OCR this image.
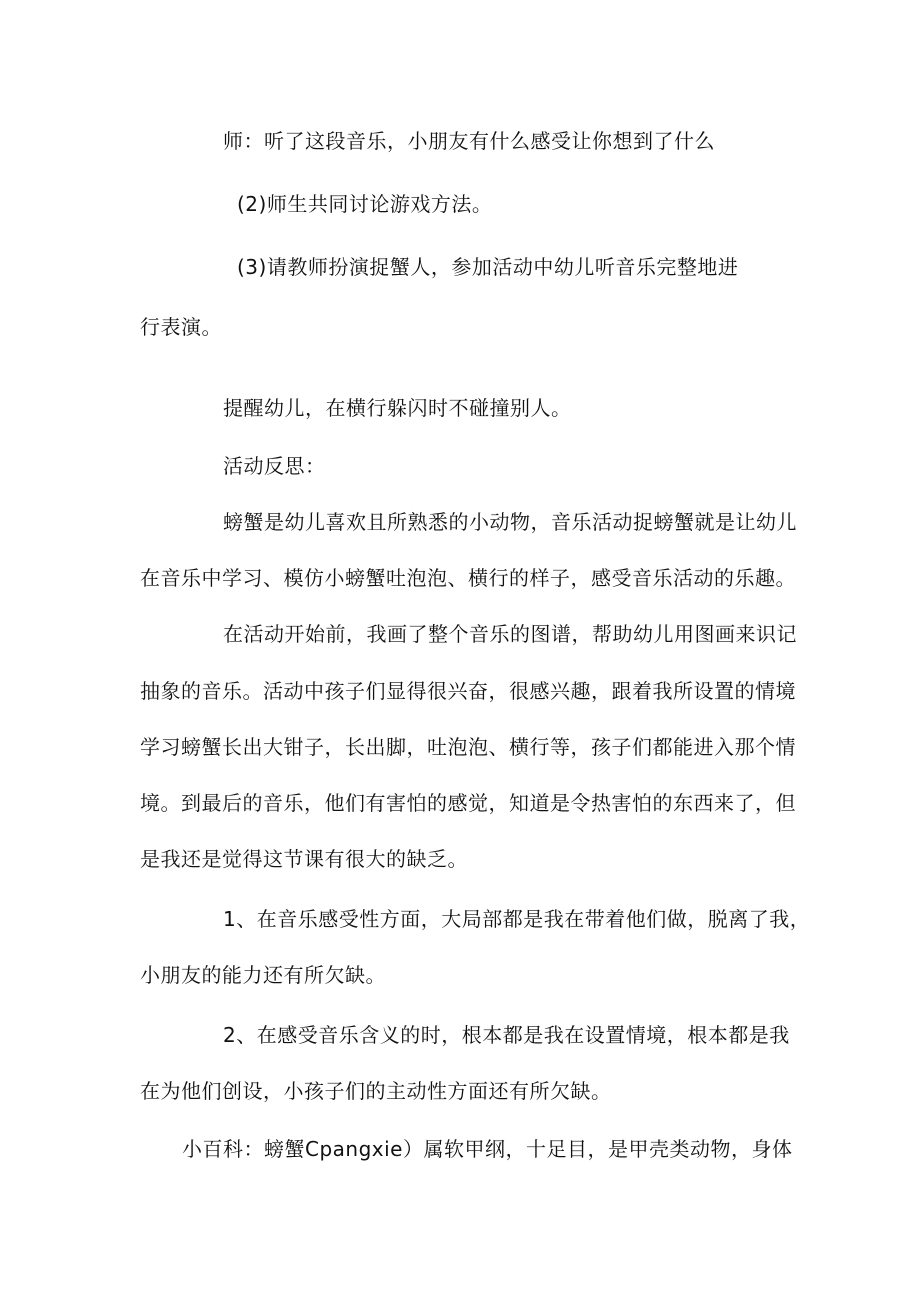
师：听了这段音乐，小朋友有什么感受让你想到了什么
(2)师生共同讨论游戏方法。
(3)请教师扮演捉蟹人，参加活动中幼儿听音乐完整地进
行表演。
提醒幼儿，在横行躲闪时不碰撞别人。
活动反思：
螃蟹是幼儿喜欢且所熟悉的小动物，音乐活动捉螃蟹就是让幼儿
在音乐中学习、模仿小螃蟹吐泡泡、横行的样子，感受音乐活动的乐趣。
在活动开始前，我画了整个音乐的图谱，帮助幼儿用图画来识记
抽象的音乐。活动中孩子们显得很兴奋，很感兴趣，跟着我所设置的情境
学习螃蟹长出大钳子，长出脚，吐泡泡、横行等，孩子们都能进入那个情
境。到最后的音乐，他们有害怕的感觉，知道是令热害怕的东西来了，但
是我还是觉得这节课有很大的缺乏。
1、在音乐感受性方面，大局部都是我在带着他们做，脱离了我，
小朋友的能力还有所欠缺。
2、在感受音乐含义的时，根本都是我在设置情境，根本都是我
在为他们创设，小孩子们的主动性方面还有所欠缺。
小百科：螃蟹Cpangxie）属软甲纲，十足目，是甲壳类动物，身体
